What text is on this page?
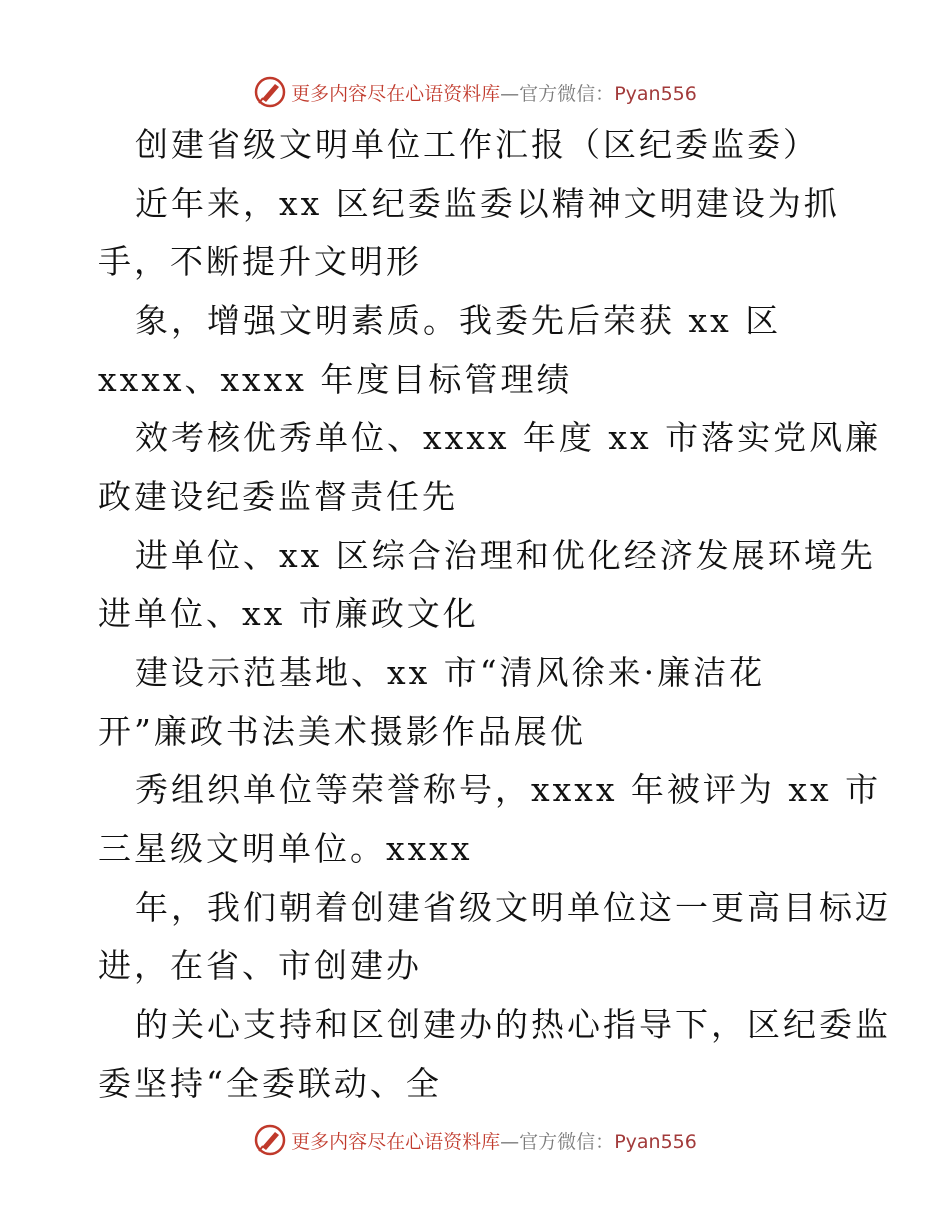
更多内容尽在心语资料库—官方微信：Pyan556
创建省级文明单位工作汇报（区纪委监委）
近年来，xx 区纪委监委以精神文明建设为抓
手，不断提升文明形
象，增强文明素质。我委先后荣获 xx 区
xxxx、xxxx 年度目标管理绩
效考核优秀单位、xxxx 年度 xx 市落实党风廉
政建设纪委监督责任先
进单位、xx 区综合治理和优化经济发展环境先
进单位、xx 市廉政文化
建设示范基地、xx 市“清风徐来·廉洁花
开”廉政书法美术摄影作品展优
秀组织单位等荣誉称号，xxxx 年被评为 xx 市
三星级文明单位。xxxx
年，我们朝着创建省级文明单位这一更高目标迈
进，在省、市创建办
的关心支持和区创建办的热心指导下，区纪委监
委坚持“全委联动、全
更多内容尽在心语资料库—官方微信：Pyan556
